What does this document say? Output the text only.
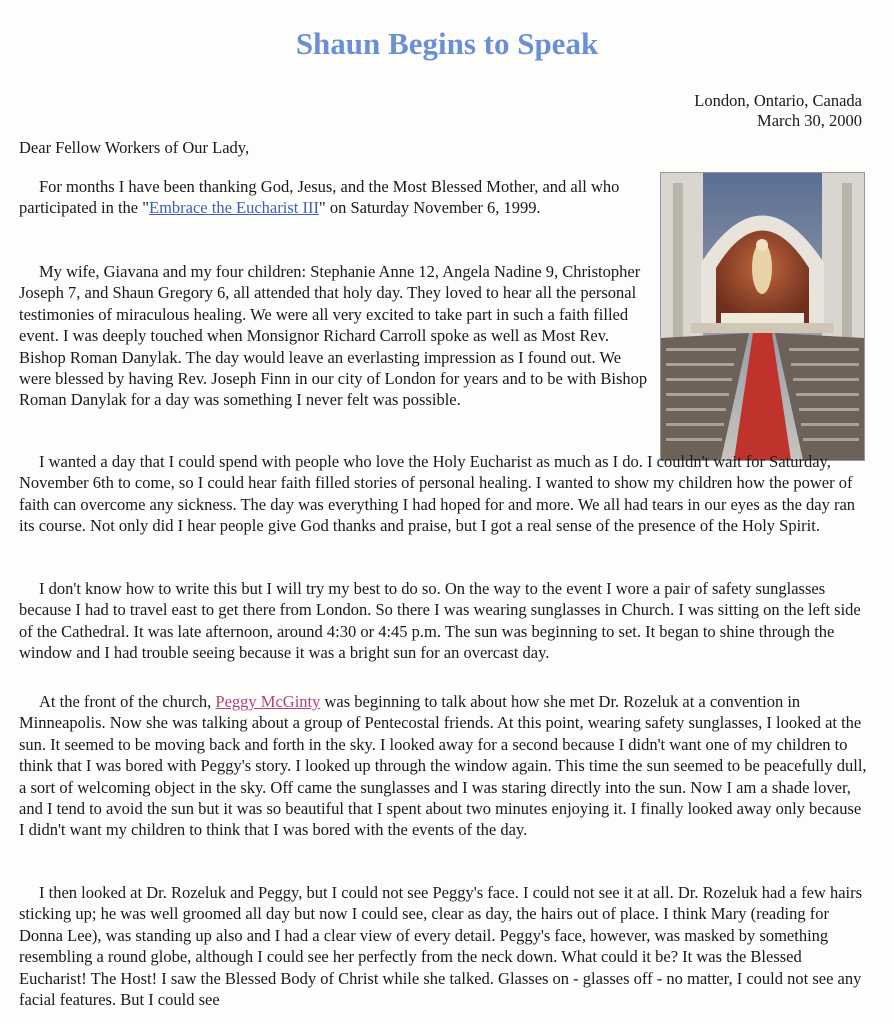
Shaun Begins to Speak
London, Ontario, Canada
March 30, 2000
Dear Fellow Workers of Our Lady,

For months I have been thanking God, Jesus, and the Most Blessed Mother, and all who participated in the "Embrace the Eucharist III" on Saturday November 6, 1999.

My wife, Giavana and my four children: Stephanie Anne 12, Angela Nadine 9, Christopher Joseph 7, and Shaun Gregory 6, all attended that holy day. They loved to hear all the personal testimonies of miraculous healing. We were all very excited to take part in such a faith filled event. I was deeply touched when Monsignor Richard Carroll spoke as well as Most Rev. Bishop Roman Danylak. The day would leave an everlasting impression as I found out. We were blessed by having Rev. Joseph Finn in our city of London for years and to be with Bishop Roman Danylak for a day was something I never felt was possible.

I wanted a day that I could spend with people who love the Holy Eucharist as much as I do. I couldn't wait for Saturday, November 6th to come, so I could hear faith filled stories of personal healing. I wanted to show my children how the power of faith can overcome any sickness. The day was everything I had hoped for and more. We all had tears in our eyes as the day ran its course. Not only did I hear people give God thanks and praise, but I got a real sense of the presence of the Holy Spirit.

I don't know how to write this but I will try my best to do so. On the way to the event I wore a pair of safety sunglasses because I had to travel east to get there from London. So there I was wearing sunglasses in Church. I was sitting on the left side of the Cathedral. It was late afternoon, around 4:30 or 4:45 p.m. The sun was beginning to set. It began to shine through the window and I had trouble seeing because it was a bright sun for an overcast day.

At the front of the church, Peggy McGinty was beginning to talk about how she met Dr. Rozeluk at a convention in Minneapolis. Now she was talking about a group of Pentecostal friends. At this point, wearing safety sunglasses, I looked at the sun. It seemed to be moving back and forth in the sky. I looked away for a second because I didn't want one of my children to think that I was bored with Peggy's story. I looked up through the window again. This time the sun seemed to be peacefully dull, a sort of welcoming object in the sky. Off came the sunglasses and I was staring directly into the sun. Now I am a shade lover, and I tend to avoid the sun but it was so beautiful that I spent about two minutes enjoying it. I finally looked away only because I didn't want my children to think that I was bored with the events of the day.

I then looked at Dr. Rozeluk and Peggy, but I could not see Peggy's face. I could not see it at all. Dr. Rozeluk had a few hairs sticking up; he was well groomed all day but now I could see, clear as day, the hairs out of place. I think Mary (reading for Donna Lee), was standing up also and I had a clear view of every detail. Peggy's face, however, was masked by something resembling a round globe, although I could see her perfectly from the neck down. What could it be? It was the Blessed Eucharist! The Host! I saw the Blessed Body of Christ while she talked. Glasses on - glasses off - no matter, I could not see any facial features. But I could see
